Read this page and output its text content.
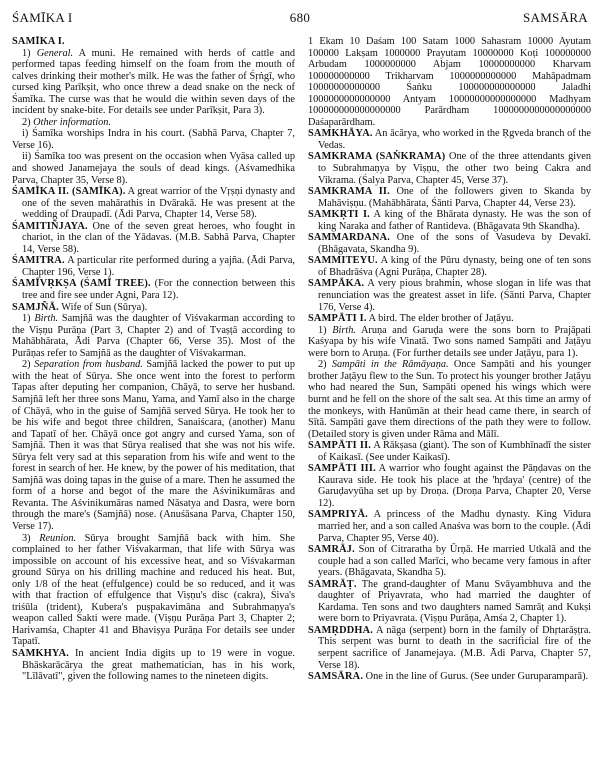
ŚAMĪKA I	680	SAMSĀRA

ŚAMĪKA I.

1) General. A muni. He remained with herds of cattle and performed tapas feeding himself on the foam from the mouth of calves drinking their mother's milk. He was the father of Śṛṅgī, who cursed king Parīkṣit, who once threw a dead snake on the neck of Śamīka. The curse was that he would die within seven days of the incident by snake-bite. For details see under Parīkṣit, Para 3).

2) Other information.

i) Śamīka worships Indra in his court. (Sabhā Parva, Chapter 7, Verse 16).

ii) Śamīka too was present on the occasion when Vyāsa called up and showed Janamejaya the souls of dead kings. (Aśvamedhika Parva, Chapter 35, Verse 8).

ŚAMĪKA II. (SAMĪKA). A great warrior of the Vṛṣṇi dynasty and one of the seven mahārathis in Dvārakā. He was present at the wedding of Draupadī. (Ādi Parva, Chapter 14, Verse 58).

ŚAMITIÑJAYA. One of the seven great heroes, who fought in chariot, in the clan of the Yādavas. (M.B. Sabhā Parva, Chapter 14, Verse 58).

ŚAMITRA. A particular rite performed during a yajña. (Ādi Parva, Chapter 196, Verse 1).

ŚAMĪVṚKṢA (ŚAMĪ TREE). (For the connection between this tree and fire see under Agni, Para 12).

SAMJÑĀ. Wife of Sun (Sūrya).

1) Birth. Samjñā was the daughter of Viśvakarman according to the Viṣṇu Purāṇa (Part 3, Chapter 2) and of Tvaṣṭā according to Mahābhārata, Ādi Parva (Chapter 66, Verse 35). Most of the Purāṇas refer to Samjñā as the daughter of Viśvakarman.

2) Separation from husband. Samjñā lacked the power to put up with the heat of Sūrya. She once went into the forest to perform Tapas after deputing her companion, Chāyā, to serve her husband. Samjñā left her three sons Manu, Yama, and Yamī also in the charge of Chāyā, who in the guise of Samjñā served Sūrya. He took her to be his wife and begot three children, Sanaiścara, (another) Manu and Tapatī of her. Chāyā once got angry and cursed Yama, son of Samjñā. Then it was that Sūrya realised that she was not his wife. Sūrya felt very sad at this separation from his wife and went to the forest in search of her. He knew, by the power of his meditation, that Samjñā was doing tapas in the guise of a mare. Then he assumed the form of a horse and begot of the mare the Aśvinikumāras and Revanta. The Aśvinikumāras named Nāsatya and Dasra, were born through the mare's (Samjñā) nose. (Anuśāsana Parva, Chapter 150, Verse 17).

3) Reunion. Sūrya brought Samjñā back with him. She complained to her father Viśvakarman, that life with Sūrya was impossible on account of his excessive heat, and so Viśvakarman ground Sūrya on his drilling machine and reduced his heat. But, only 1/8 of the heat (effulgence) could be so reduced, and it was with that fraction of effulgence that Viṣṇu's disc (cakra), Śiva's triśūla (trident), Kubera's puṣpakavimāna and Subrahmaṇya's weapon called Śakti were made. (Viṣṇu Purāṇa Part 3, Chapter 2; Harivamśa, Chapter 41 and Bhaviṣya Purāṇa For details see under Tapatī.

SAMKHYA. In ancient India digits up to 19 were in vogue. Bhāskarācārya the great mathematician, has in his work, "Līlāvatī", given the following names to the nineteen digits.

1 Ekam 10 Daśam 100 Śatam 1000 Sahasram 10000 Ayutam 100000 Lakṣam 1000000 Prayutam 10000000 Koṭi 100000000 Arbudam 1000000000 Abjam 10000000000 Kharvam 100000000000 Trikharvam 1000000000000 Mahāpadmam 10000000000000 Śaṅku 100000000000000 Jaladhi 1000000000000000 Antyam 10000000000000000 Madhyam 100000000000000000 Parārdham 1000000000000000000 Daśaparārdham.

SAMKHĀYA. An ācārya, who worked in the Ṛgveda branch of the Vedas.

SAMKRAMA (SAṄKRAMA) One of the three attendants given to Subrahmaṇya by Viṣṇu, the other two being Cakra and Vikrama. (Śalya Parva, Chapter 45, Verse 37).

SAMKRAMA II. One of the followers given to Skanda by Mahāviṣṇu. (Mahābhārata, Śānti Parva, Chapter 44, Verse 23).

SAMKṚTI I. A king of the Bhārata dynasty. He was the son of king Naraka and father of Rantideva. (Bhāgavata 9th Skandha).

SAMMARDANA. One of the sons of Vasudeva by Devakī. (Bhāgavata, Skandha 9).

SAMMITEYU. A king of the Pūru dynasty, being one of ten sons of Bhadrāśva (Agni Purāṇa, Chapter 28).

SAMPĀKA. A very pious brahmin, whose slogan in life was that renunciation was the greatest asset in life. (Śānti Parva, Chapter 176, Verse 4).

SAMPĀTI I. A bird. The elder brother of Jaṭāyu.

1) Birth. Aruṇa and Garuḍa were the sons born to Prajāpati Kaśyapa by his wife Vinatā. Two sons named Sampāti and Jaṭāyu were born to Aruṇa. (For further details see under Jaṭāyu, para 1).

2) Sampāti in the Rāmāyaṇa. Once Sampāti and his younger brother Jaṭāyu flew to the Sun. To protect his younger brother Jaṭāyu who had neared the Sun, Sampāti opened his wings which were burnt and he fell on the shore of the salt sea. At this time an army of the monkeys, with Hanūmān at their head came there, in search of Sītā. Sampāti gave them directions of the path they were to follow. (Detailed story is given under Rāma and Mālī.

SAMPĀTI II. A Rākṣasa (giant). The son of Kumbhīnadī the sister of Kaikasī. (See under Kaikasī).

SAMPĀTI III. A warrior who fought against the Pāṇḍavas on the Kaurava side. He took his place at the 'hṛdaya' (centre) of the Garuḍavyūha set up by Droṇa. (Droṇa Parva, Chapter 20, Verse 12).

SAMPRIYĀ. A princess of the Madhu dynasty. King Vidura married her, and a son called Anaśva was born to the couple. (Ādi Parva, Chapter 95, Verse 40).

SAMRĀJ. Son of Citraratha by Ūrṇā. He married Utkalā and the couple had a son called Marīci, who became very famous in after years. (Bhāgavata, Skandha 5).

SAMRĀṬ. The grand-daughter of Manu Svāyambhuva and the daughter of Priyavrata, who had married the daughter of Kardama. Ten sons and two daughters named Samrāṭ and Kukṣi were born to Priyavrata. (Viṣṇu Purāṇa, Amśa 2, Chapter 1).

SAMṚDDHA. A nāga (serpent) born in the family of Dhṛtarāṣṭra. This serpent was burnt to death in the sacrificial fire of the serpent sacrifice of Janamejaya. (M.B. Ādi Parva, Chapter 57, Verse 18).

SAMSĀRA. One in the line of Gurus. (See under Guruparamparā).
